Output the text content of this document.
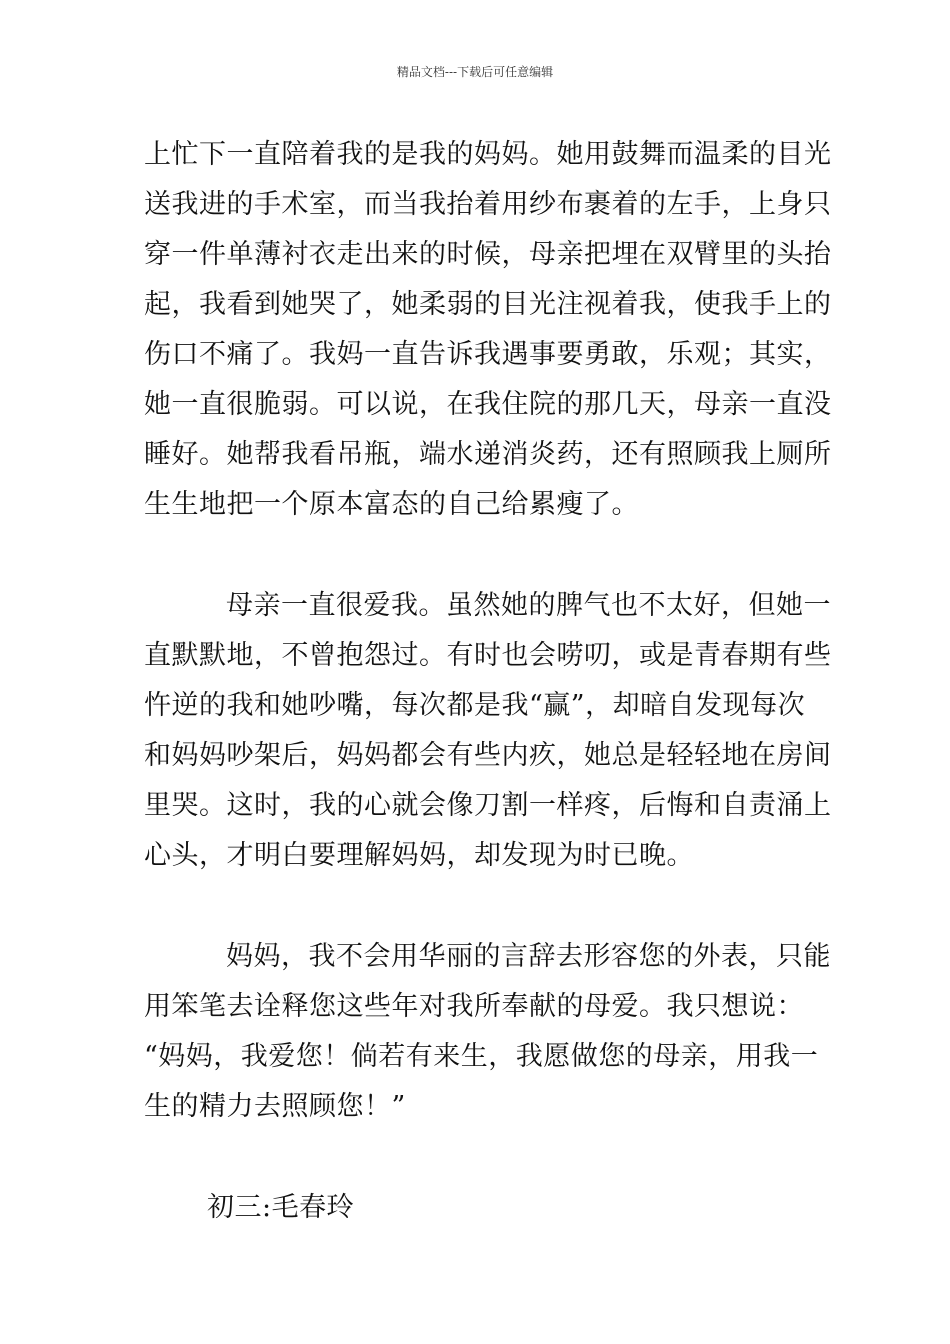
精品文档---下载后可任意编辑
上忙下一直陪着我的是我的妈妈。她用鼓舞而温柔的目光
送我进的手术室，而当我抬着用纱布裹着的左手，上身只
穿一件单薄衬衣走出来的时候，母亲把埋在双臂里的头抬
起，我看到她哭了，她柔弱的目光注视着我，使我手上的
伤口不痛了。我妈一直告诉我遇事要勇敢，乐观；其实，
她一直很脆弱。可以说，在我住院的那几天，母亲一直没
睡好。她帮我看吊瓶，端水递消炎药，还有照顾我上厕所
生生地把一个原本富态的自己给累瘦了。
母亲一直很爱我。虽然她的脾气也不太好，但她一
直默默地，不曾抱怨过。有时也会唠叨，或是青春期有些
忤逆的我和她吵嘴，每次都是我“赢”，却暗自发现每次
和妈妈吵架后，妈妈都会有些内疚，她总是轻轻地在房间
里哭。这时，我的心就会像刀割一样疼，后悔和自责涌上
心头，才明白要理解妈妈，却发现为时已晚。
妈妈，我不会用华丽的言辞去形容您的外表，只能
用笨笔去诠释您这些年对我所奉献的母爱。我只想说：
“妈妈，我爱您！倘若有来生，我愿做您的母亲，用我一
生的精力去照顾您！”
初三:毛春玲
